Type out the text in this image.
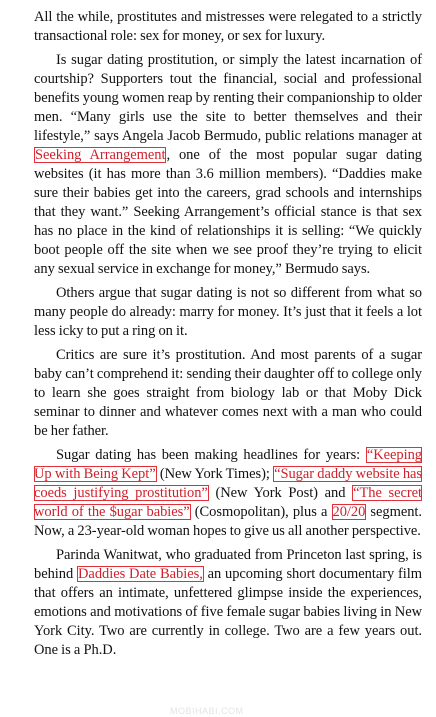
All the while, prostitutes and mistresses were relegated to a strictly transactional role: sex for money, or sex for luxury.

Is sugar dating prostitution, or simply the latest incarnation of courtship? Supporters tout the financial, social and professional benefits young women reap by renting their companionship to older men. “Many girls use the site to better themselves and their lifestyle,” says Angela Jacob Bermudo, public relations manager at Seeking Arrangement, one of the most popular sugar dating websites (it has more than 3.6 million members). “Daddies make sure their babies get into the careers, grad schools and internships that they want.” Seeking Arrangement’s official stance is that sex has no place in the kind of relationships it is selling: “We quickly boot people off the site when we see proof they’re trying to elicit any sexual service in exchange for money,” Bermudo says.

Others argue that sugar dating is not so different from what so many people do already: marry for money. It’s just that it feels a lot less icky to put a ring on it.

Critics are sure it’s prostitution. And most parents of a sugar baby can’t comprehend it: sending their daughter off to college only to learn she goes straight from biology lab or that Moby Dick seminar to dinner and whatever comes next with a man who could be her father.

Sugar dating has been making headlines for years: “Keeping Up with Being Kept” (New York Times); “Sugar daddy website has coeds justifying prostitution” (New York Post) and “The secret world of the $ugar babies” (Cosmopolitan), plus a 20/20 segment. Now, a 23-year-old woman hopes to give us all another perspective.

Parinda Wanitwat, who graduated from Princeton last spring, is behind Daddies Date Babies, an upcoming short documentary film that offers an intimate, unfettered glimpse inside the experiences, emotions and motivations of five female sugar babies living in New York City. Two are currently in college. Two are a few years out. One is a Ph.D.

MOBIHABI.COM
